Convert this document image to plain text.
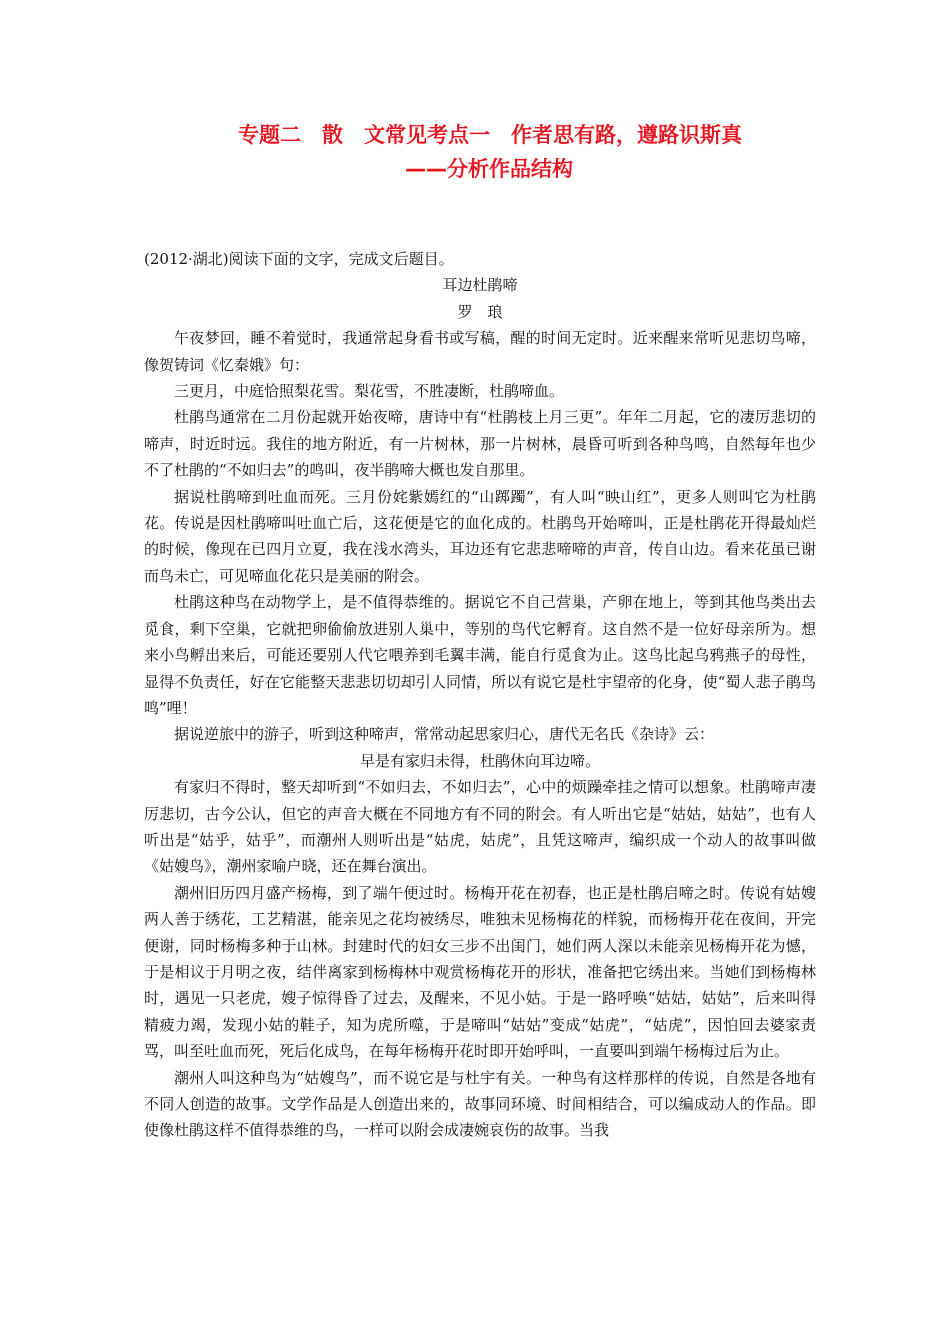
专题二　散　文常见考点一　作者思有路，遵路识斯真
——分析作品结构

(2012·湖北)阅读下面的文字，完成文后题目。

耳边杜鹃啼

罗　琅

午夜梦回，睡不着觉时，我通常起身看书或写稿，醒的时间无定时。近来醒来常听见悲切鸟啼，像贺铸词《忆秦娥》句：

三更月，中庭恰照梨花雪。梨花雪，不胜凄断，杜鹃啼血。

杜鹃鸟通常在二月份起就开始夜啼，唐诗中有“杜鹃枝上月三更”。年年二月起，它的凄厉悲切的啼声，时近时远。我住的地方附近，有一片树林，那一片树林，晨昏可听到各种鸟鸣，自然每年也少不了杜鹃的“不如归去”的鸣叫，夜半鹃啼大概也发自那里。

据说杜鹃啼到吐血而死。三月份姹紫嫣红的“山踯躅”，有人叫“映山红”，更多人则叫它为杜鹃花。传说是因杜鹃啼叫吐血亡后，这花便是它的血化成的。杜鹃鸟开始啼叫，正是杜鹃花开得最灿烂的时候，像现在已四月立夏，我在浅水湾头，耳边还有它悲悲啼啼的声音，传自山边。看来花虽已谢而鸟未亡，可见啼血化花只是美丽的附会。

杜鹃这种鸟在动物学上，是不值得恭维的。据说它不自己营巢，产卵在地上，等到其他鸟类出去觅食，剩下空巢，它就把卵偷偷放进别人巢中，等别的鸟代它孵育。这自然不是一位好母亲所为。想来小鸟孵出来后，可能还要别人代它喂养到毛翼丰满，能自行觅食为止。这鸟比起乌鸦燕子的母性，显得不负责任，好在它能整天悲悲切切却引人同情，所以有说它是杜宇望帝的化身，使“蜀人悲子鹃鸟鸣”哩！

据说逆旅中的游子，听到这种啼声，常常动起思家归心，唐代无名氏《杂诗》云：

早是有家归未得，杜鹃休向耳边啼。

有家归不得时，整天却听到“不如归去，不如归去”，心中的烦躁牵挂之情可以想象。杜鹃啼声凄厉悲切，古今公认，但它的声音大概在不同地方有不同的附会。有人听出它是“姑姑，姑姑”，也有人听出是“姑乎，姑乎”，而潮州人则听出是“姑虎，姑虎”，且凭这啼声，编织成一个动人的故事叫做《姑嫂鸟》，潮州家喻户晓，还在舞台演出。

潮州旧历四月盛产杨梅，到了端午便过时。杨梅开花在初春，也正是杜鹃启啼之时。传说有姑嫂两人善于绣花，工艺精湛，能亲见之花均被绣尽，唯独未见杨梅花的样貌，而杨梅开花在夜间，开完便谢，同时杨梅多种于山林。封建时代的妇女三步不出闺门，她们两人深以未能亲见杨梅开花为憾，于是相议于月明之夜，结伴离家到杨梅林中观赏杨梅花开的形状，准备把它绣出来。当她们到杨梅林时，遇见一只老虎，嫂子惊得昏了过去，及醒来，不见小姑。于是一路呼唤“姑姑，姑姑”，后来叫得精疲力竭，发现小姑的鞋子，知为虎所噬，于是啼叫“姑姑”变成“姑虎”，“姑虎”，因怕回去婆家责骂，叫至吐血而死，死后化成鸟，在每年杨梅开花时即开始呼叫，一直要叫到端午杨梅过后为止。

潮州人叫这种鸟为“姑嫂鸟”，而不说它是与杜宇有关。一种鸟有这样那样的传说，自然是各地有不同人创造的故事。文学作品是人创造出来的，故事同环境、时间相结合，可以编成动人的作品。即使像杜鹃这样不值得恭维的鸟，一样可以附会成凄婉哀伤的故事。当我
